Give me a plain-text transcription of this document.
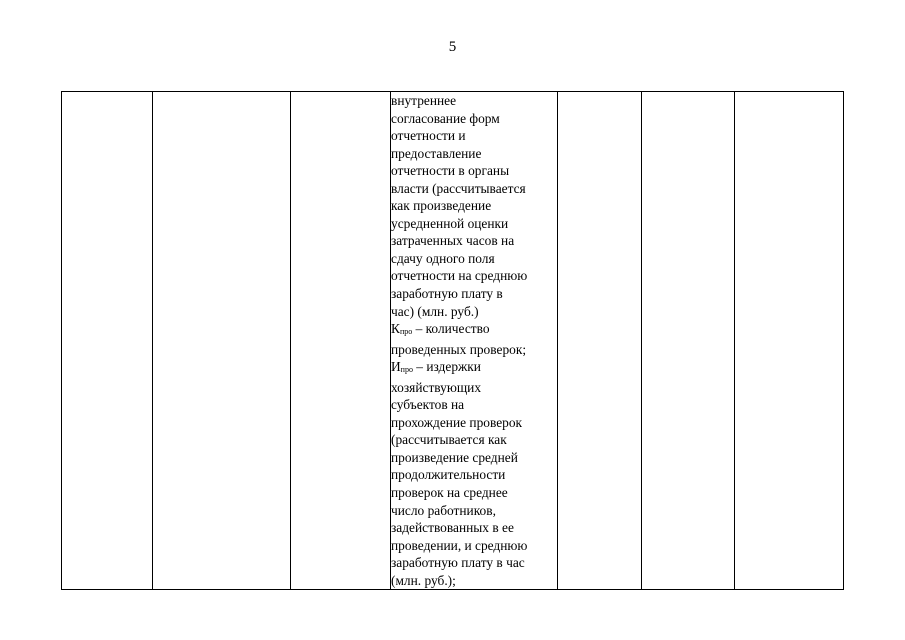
5

внутреннее
согласование форм
отчетности и
предоставление
отчетности в органы
власти (рассчитывается
как произведение
усредненной оценки
затраченных часов на
сдачу одного поля
отчетности на среднюю
заработную плату в
час) (млн. руб.)
Кпро – количество
проведенных проверок;
Ипро – издержки
хозяйствующих
субъектов на
прохождение проверок
(рассчитывается как
произведение средней
продолжительности
проверок на среднее
число работников,
задействованных в ее
проведении, и среднюю
заработную плату в час
(млн. руб.);
